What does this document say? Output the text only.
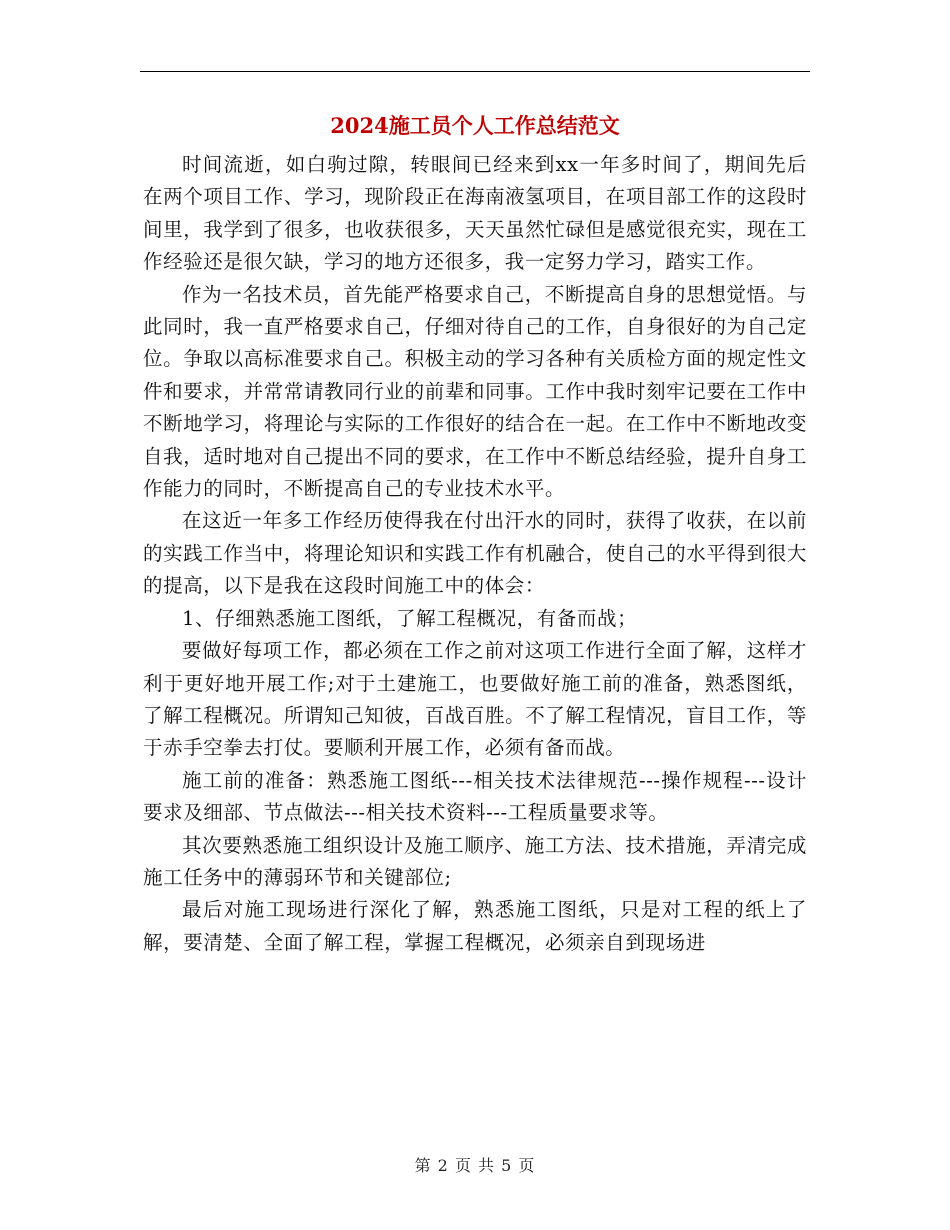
2024施工员个人工作总结范文

时间流逝，如白驹过隙，转眼间已经来到xx一年多时间了，期间先后在两个项目工作、学习，现阶段正在海南液氢项目，在项目部工作的这段时间里，我学到了很多，也收获很多，天天虽然忙碌但是感觉很充实，现在工作经验还是很欠缺，学习的地方还很多，我一定努力学习，踏实工作。

作为一名技术员，首先能严格要求自己，不断提高自身的思想觉悟。与此同时，我一直严格要求自己，仔细对待自己的工作，自身很好的为自己定位。争取以高标准要求自己。积极主动的学习各种有关质检方面的规定性文件和要求，并常常请教同行业的前辈和同事。工作中我时刻牢记要在工作中不断地学习，将理论与实际的工作很好的结合在一起。在工作中不断地改变自我，适时地对自己提出不同的要求，在工作中不断总结经验，提升自身工作能力的同时，不断提高自己的专业技术水平。

在这近一年多工作经历使得我在付出汗水的同时，获得了收获，在以前的实践工作当中，将理论知识和实践工作有机融合，使自己的水平得到很大的提高，以下是我在这段时间施工中的体会：

1、仔细熟悉施工图纸，了解工程概况，有备而战；

要做好每项工作，都必须在工作之前对这项工作进行全面了解，这样才利于更好地开展工作;对于土建施工，也要做好施工前的准备，熟悉图纸，了解工程概况。所谓知己知彼，百战百胜。不了解工程情况，盲目工作，等于赤手空拳去打仗。要顺利开展工作，必须有备而战。

施工前的准备：熟悉施工图纸---相关技术法律规范---操作规程---设计要求及细部、节点做法---相关技术资料---工程质量要求等。

其次要熟悉施工组织设计及施工顺序、施工方法、技术措施，弄清完成施工任务中的薄弱环节和关键部位;

最后对施工现场进行深化了解，熟悉施工图纸，只是对工程的纸上了解，要清楚、全面了解工程，掌握工程概况，必须亲自到现场进

第 2 页 共 5 页
